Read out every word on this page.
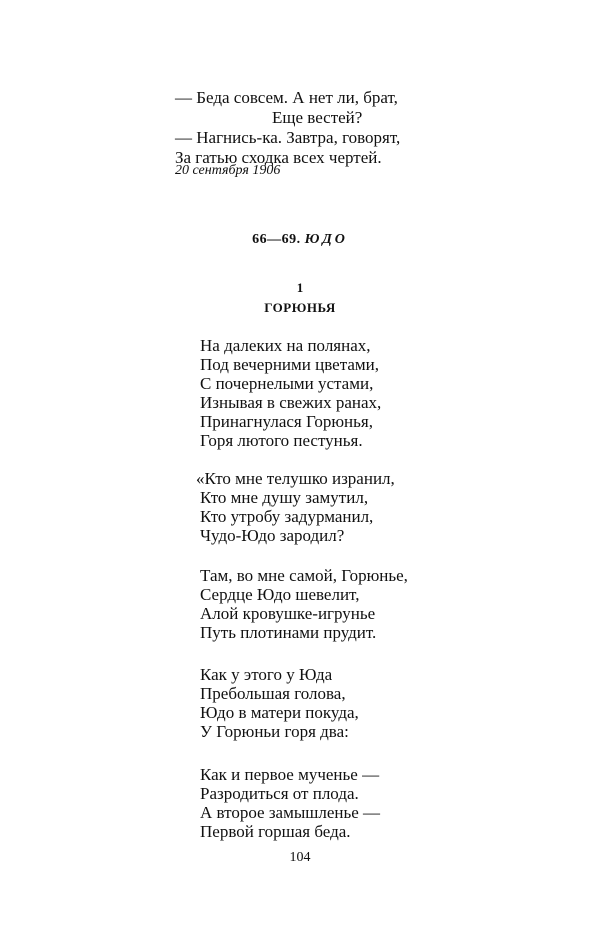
— Беда совсем. А нет ли, брат,
Еще вестей?
— Нагнись-ка. Завтра, говорят,
За гатью сходка всех чертей.
20 сентября 1906
66—69. ЮДО
1
ГОРЮНЬЯ
На далеких на полянах,
Под вечерними цветами,
С почернелыми устами,
Изнывая в свежих ранах,
Принагнулася Горюнья,
Горя лютого пестунья.
«Кто мне телушко изранил,
Кто мне душу замутил,
Кто утробу задурманил,
Чудо-Юдо зародил?
Там, во мне самой, Горюнье,
Сердце Юдо шевелит,
Алой кровушке-игрунье
Путь плотинами прудит.
Как у этого у Юда
Пребольшая голова,
Юдо в матери покуда,
У Горюньи горя два:
Как и первое мученье —
Разродиться от плода.
А второе замышленье —
Первой горшая беда.
104
